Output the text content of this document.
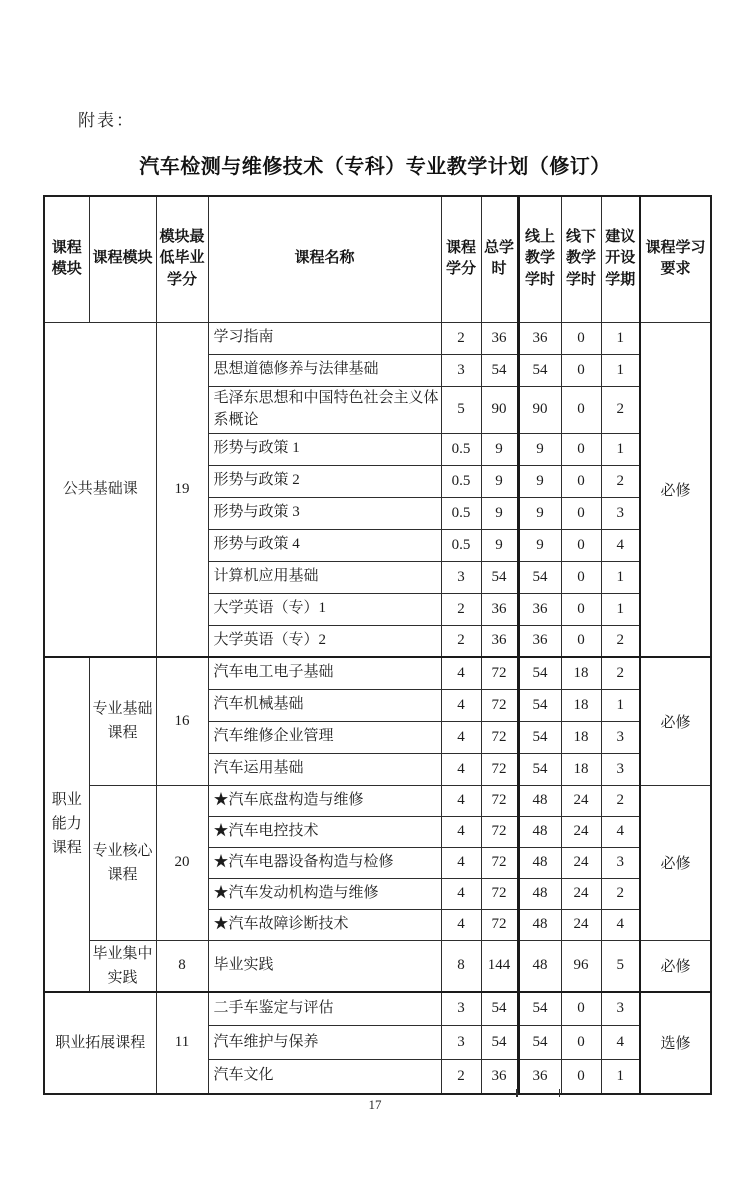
附表：
汽车检测与维修技术（专科）专业教学计划（修订）
课程模块	课程模块	模块最低毕业学分	课程名称	课程学分	总学时	线上教学学时	线下教学学时	建议开设学期	课程学习要求
公共基础课		19	学习指南	2	36	36	0	1	必修
			思想道德修养与法律基础	3	54	54	0	1	
			毛泽东思想和中国特色社会主义体系概论	5	90	90	0	2	
			形势与政策 1	0.5	9	9	0	1	
			形势与政策 2	0.5	9	9	0	2	
			形势与政策 3	0.5	9	9	0	3	
			形势与政策 4	0.5	9	9	0	4	
			计算机应用基础	3	54	54	0	1	
			大学英语（专）1	2	36	36	0	1	
			大学英语（专）2	2	36	36	0	2	
职业能力课程	专业基础课程	16	汽车电工电子基础	4	72	54	18	2	必修
			汽车机械基础	4	72	54	18	1	
			汽车维修企业管理	4	72	54	18	3	
			汽车运用基础	4	72	54	18	3	
	专业核心课程	20	★汽车底盘构造与维修	4	72	48	24	2	必修
			★汽车电控技术	4	72	48	24	4	
			★汽车电器设备构造与检修	4	72	48	24	3	
			★汽车发动机构造与维修	4	72	48	24	2	
			★汽车故障诊断技术	4	72	48	24	4	
	毕业集中实践	8	毕业实践	8	144	48	96	5	必修
职业拓展课程		11	二手车鉴定与评估	3	54	54	0	3	选修
			汽车维护与保养	3	54	54	0	4	
			汽车文化	2	36	36	0	1	
17
